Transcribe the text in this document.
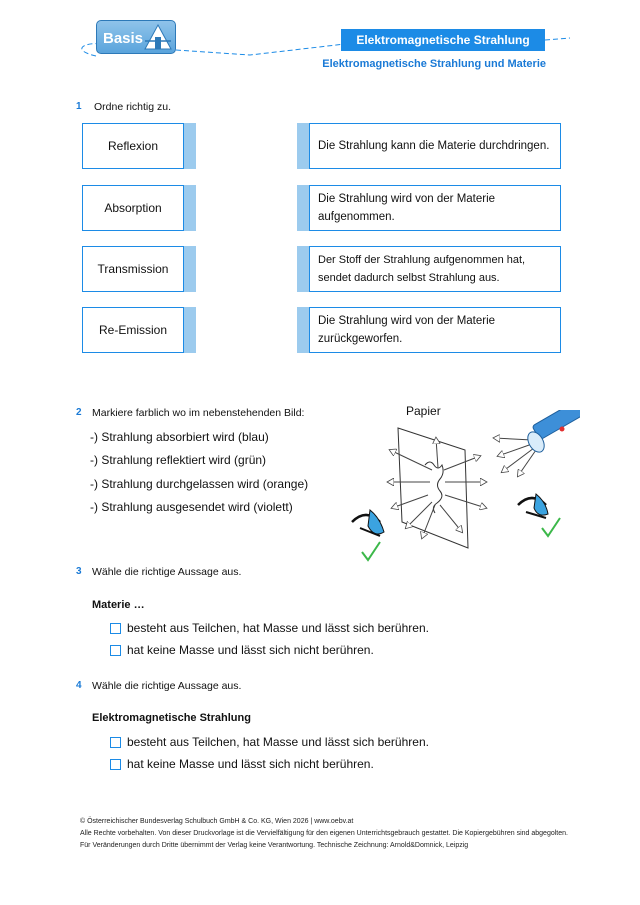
Basis	Elektromagnetische Strahlung
Elektromagnetische Strahlung und Materie
1 Ordne richtig zu.
Reflexion	Die Strahlung kann die Materie durchdringen.
Absorption
Die Strahlung wird von der Materie aufgenommen.
Transmission
Der Stoff der Strahlung aufgenommen hat, sendet dadurch selbst Strahlung aus.
Re-Emission
Die Strahlung wird von der Materie zurückgeworfen.
2 Markiere farblich wo im nebenstehenden Bild:
-) Strahlung absorbiert wird (blau)
-) Strahlung reflektiert wird (grün)
-) Strahlung durchgelassen wird (orange)
-) Strahlung ausgesendet wird (violett)
Papier
3 Wähle die richtige Aussage aus.
Materie …
besteht aus Teilchen, hat Masse und lässt sich berühren.
hat keine Masse und lässt sich nicht berühren.
4 Wähle die richtige Aussage aus.
Elektromagnetische Strahlung
besteht aus Teilchen, hat Masse und lässt sich berühren.
hat keine Masse und lässt sich nicht berühren.
© Österreichischer Bundesverlag Schulbuch GmbH & Co. KG, Wien 2026 | www.oebv.at
Alle Rechte vorbehalten. Von dieser Druckvorlage ist die Vervielfältigung für den eigenen Unterrichtsgebrauch gestattet. Die Kopiergebühren sind abgegolten.
Für Veränderungen durch Dritte übernimmt der Verlag keine Verantwortung. Technische Zeichnung: Arnold&Domnick, Leipzig
